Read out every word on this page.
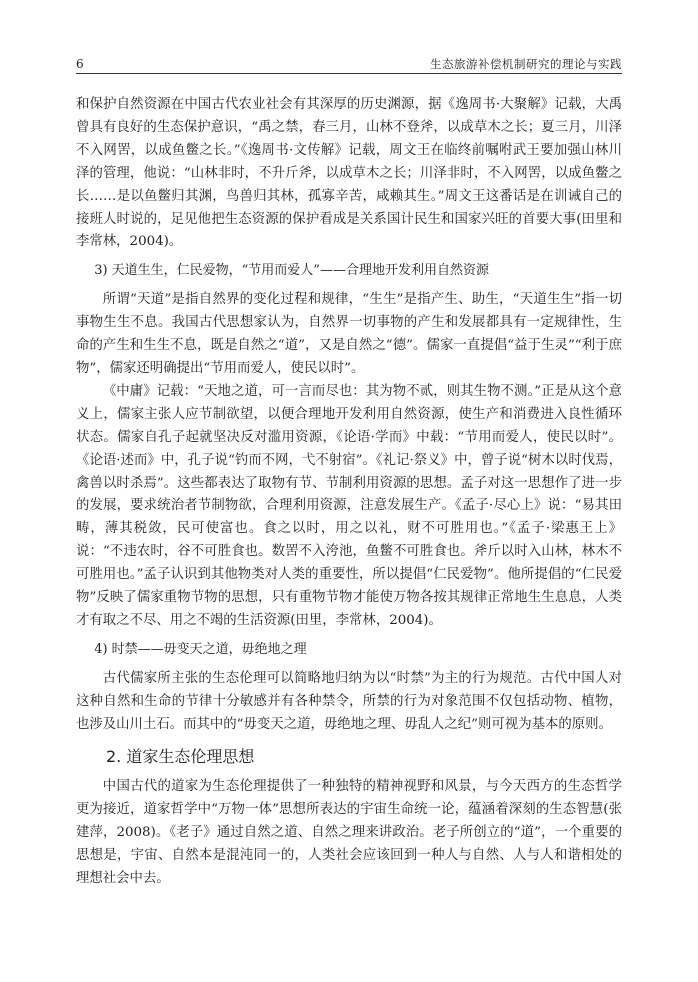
6	生态旅游补偿机制研究的理论与实践

和保护自然资源在中国古代农业社会有其深厚的历史渊源，据《逸周书·大聚解》记载，大禹曾具有良好的生态保护意识，“禹之禁，春三月，山林不登斧，以成草木之长；夏三月，川泽不入网罟，以成鱼鳖之长。”《逸周书·文传解》记载，周文王在临终前嘱咐武王要加强山林川泽的管理，他说：“山林非时，不升斤斧，以成草木之长；川泽非时，不入网罟，以成鱼鳖之长……是以鱼鳖归其渊，鸟兽归其林，孤寡辛苦，咸赖其生。”周文王这番话是在训诫自己的接班人时说的，足见他把生态资源的保护看成是关系国计民生和国家兴旺的首要大事(田里和李常林，2004)。

3) 天道生生，仁民爱物，“节用而爱人”——合理地开发利用自然资源

所谓“天道”是指自然界的变化过程和规律，“生生”是指产生、助生，“天道生生”指一切事物生生不息。我国古代思想家认为，自然界一切事物的产生和发展都具有一定规律性，生命的产生和生生不息，既是自然之“道”，又是自然之“德”。儒家一直提倡“益于生灵”“利于庶物”，儒家还明确提出“节用而爱人，使民以时”。

《中庸》记载：“天地之道，可一言而尽也：其为物不贰，则其生物不测。”正是从这个意义上，儒家主张人应节制欲望，以便合理地开发利用自然资源，使生产和消费进入良性循环状态。儒家自孔子起就坚决反对滥用资源，《论语·学而》中载：“节用而爱人，使民以时”。《论语·述而》中，孔子说“钓而不网，弋不射宿”。《礼记·祭义》中，曾子说“树木以时伐焉，禽兽以时杀焉”。这些都表达了取物有节、节制利用资源的思想。孟子对这一思想作了进一步的发展，要求统治者节制物欲，合理利用资源，注意发展生产。《孟子·尽心上》说：“易其田畴，薄其税敛，民可使富也。食之以时，用之以礼，财不可胜用也。”《孟子·梁惠王上》说：“不违农时，谷不可胜食也。数罟不入洿池，鱼鳖不可胜食也。斧斤以时入山林，林木不可胜用也。”孟子认识到其他物类对人类的重要性，所以提倡“仁民爱物”。他所提倡的“仁民爱物”反映了儒家重物节物的思想，只有重物节物才能使万物各按其规律正常地生生息息，人类才有取之不尽、用之不竭的生活资源(田里，李常林，2004)。

4) 时禁——毋变天之道，毋绝地之理

古代儒家所主张的生态伦理可以简略地归纳为以“时禁”为主的行为规范。古代中国人对这种自然和生命的节律十分敏感并有各种禁令，所禁的行为对象范围不仅包括动物、植物，也涉及山川土石。而其中的“毋变天之道，毋绝地之理、毋乱人之纪”则可视为基本的原则。

2. 道家生态伦理思想

中国古代的道家为生态伦理提供了一种独特的精神视野和风景，与今天西方的生态哲学更为接近，道家哲学中“万物一体”思想所表达的宇宙生命统一论，蕴涵着深刻的生态智慧(张建萍，2008)。《老子》通过自然之道、自然之理来讲政治。老子所创立的“道”，一个重要的思想是，宇宙、自然本是混沌同一的，人类社会应该回到一种人与自然、人与人和谐相处的理想社会中去。
